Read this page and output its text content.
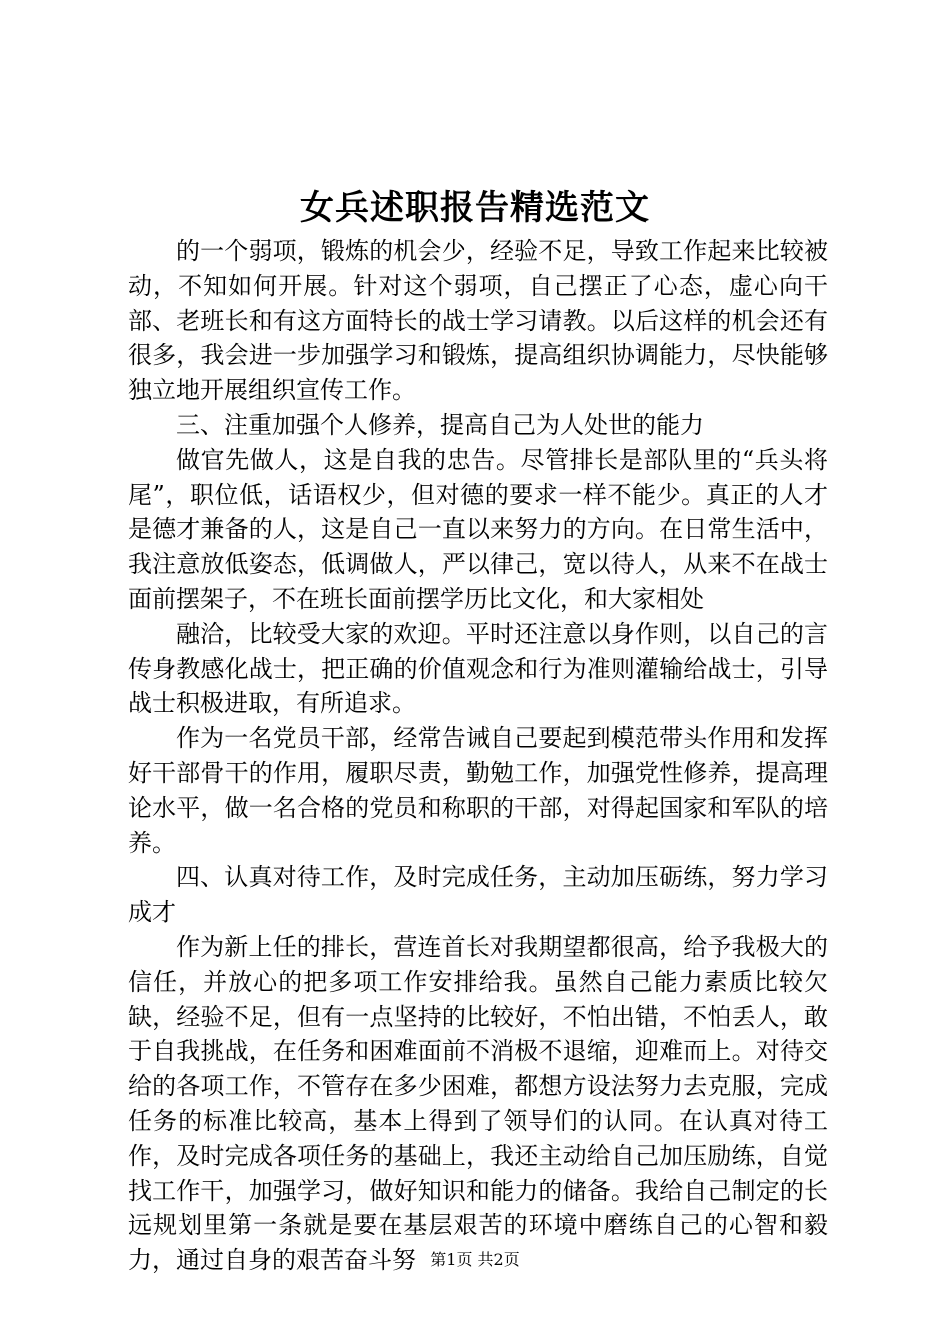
女兵述职报告精选范文

的一个弱项，锻炼的机会少，经验不足，导致工作起来比较被动，不知如何开展。针对这个弱项，自己摆正了心态，虚心向干部、老班长和有这方面特长的战士学习请教。以后这样的机会还有很多，我会进一步加强学习和锻炼，提高组织协调能力，尽快能够独立地开展组织宣传工作。

三、注重加强个人修养，提高自己为人处世的能力

做官先做人，这是自我的忠告。尽管排长是部队里的“兵头将尾”，职位低，话语权少，但对德的要求一样不能少。真正的人才是德才兼备的人，这是自己一直以来努力的方向。在日常生活中，我注意放低姿态，低调做人，严以律己，宽以待人，从来不在战士面前摆架子，不在班长面前摆学历比文化，和大家相处

融洽，比较受大家的欢迎。平时还注意以身作则，以自己的言传身教感化战士，把正确的价值观念和行为准则灌输给战士，引导战士积极进取，有所追求。

作为一名党员干部，经常告诫自己要起到模范带头作用和发挥好干部骨干的作用，履职尽责，勤勉工作，加强党性修养，提高理论水平，做一名合格的党员和称职的干部，对得起国家和军队的培养。

四、认真对待工作，及时完成任务，主动加压砺练，努力学习成才

作为新上任的排长，营连首长对我期望都很高，给予我极大的信任，并放心的把多项工作安排给我。虽然自己能力素质比较欠缺，经验不足，但有一点坚持的比较好，不怕出错，不怕丢人，敢于自我挑战，在任务和困难面前不消极不退缩，迎难而上。对待交给的各项工作，不管存在多少困难，都想方设法努力去克服，完成任务的标准比较高，基本上得到了领导们的认同。在认真对待工作，及时完成各项任务的基础上，我还主动给自己加压励练，自觉找工作干，加强学习，做好知识和能力的储备。我给自己制定的长远规划里第一条就是要在基层艰苦的环境中磨练自己的心智和毅力，通过自身的艰苦奋斗努 第1页 共2页
